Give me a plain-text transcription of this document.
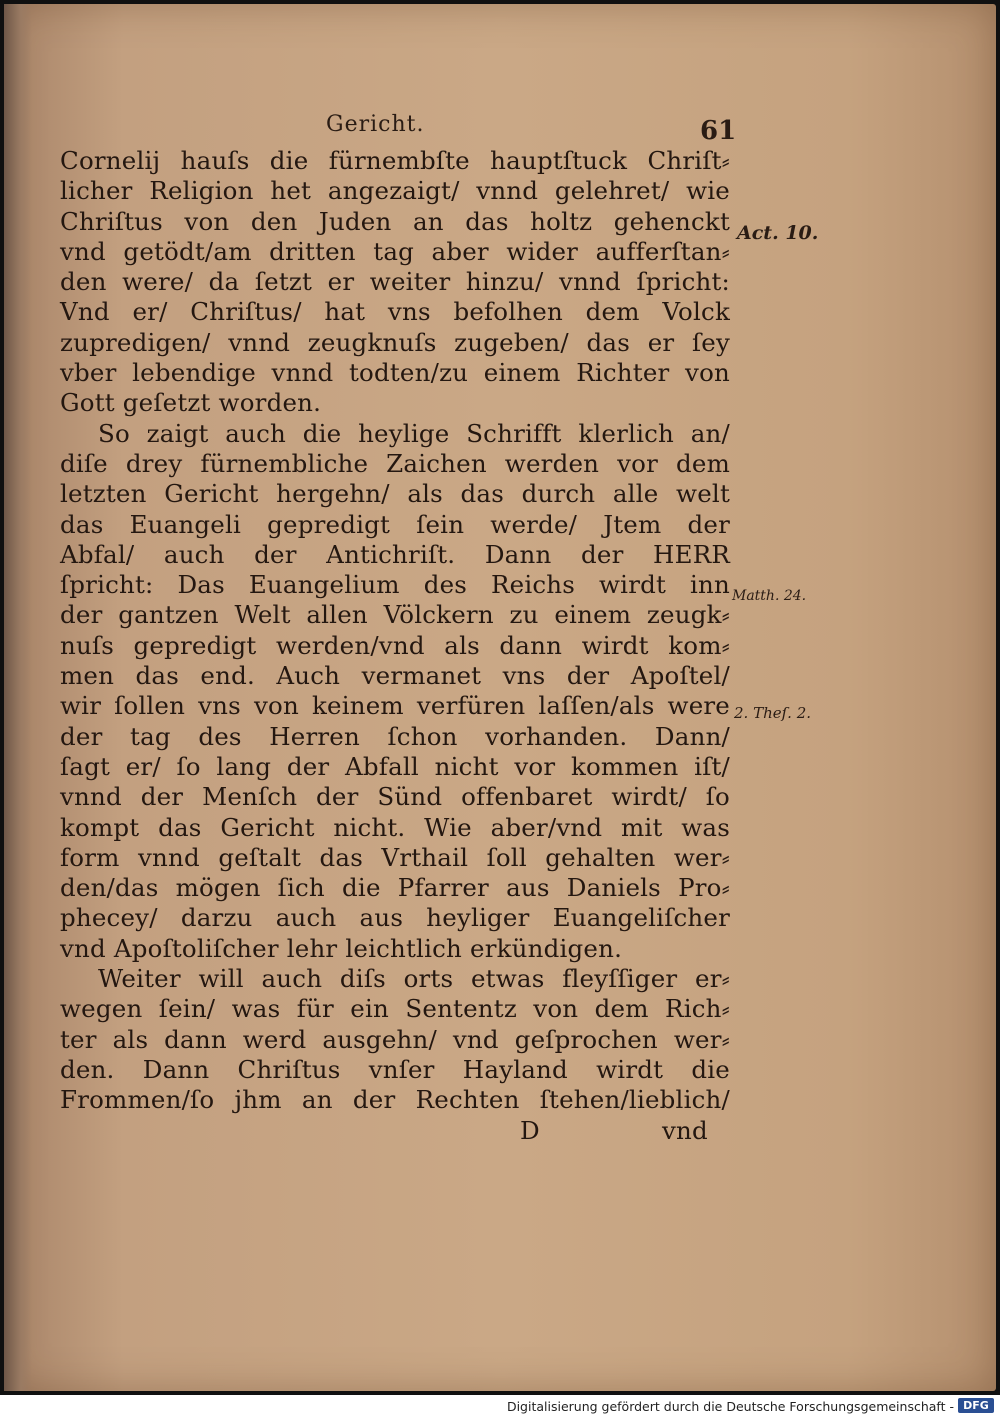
Gericht.	61
Cornelij hauſs die fürnembſte hauptſtuck Chriſt⸗
licher Religion het angezaigt/ vnnd gelehret/ wie
Chriſtus von den Juden an das holtz gehenckt
vnd getödt/am dritten tag aber wider aufferſtan⸗
den were/ da ſetzt er weiter hinzu/ vnnd ſpricht:
Vnd er/ Chriſtus/ hat vns befolhen dem Volck
zupredigen/ vnnd zeugknuſs zugeben/ das er ſey
vber lebendige vnnd todten/zu einem Richter von
Gott geſetzt worden.
So zaigt auch die heylige Schrifft klerlich an/
diſe drey fürnembliche Zaichen werden vor dem
letzten Gericht hergehn/ als das durch alle welt
das Euangeli gepredigt ſein werde/ Jtem der
Abfal/ auch der Antichriſt. Dann der HERR
ſpricht: Das Euangelium des Reichs wirdt inn
der gantzen Welt allen Völckern zu einem zeugk⸗
nuſs gepredigt werden/vnd als dann wirdt kom⸗
men das end. Auch vermanet vns der Apoſtel/
wir ſollen vns von keinem verfüren laſſen/als were
der tag des Herren ſchon vorhanden. Dann/
ſagt er/ ſo lang der Abfall nicht vor kommen iſt/
vnnd der Menſch der Sünd offenbaret wirdt/ ſo
kompt das Gericht nicht. Wie aber/vnd mit was
form vnnd geſtalt das Vrthail ſoll gehalten wer⸗
den/das mögen ſich die Pfarrer aus Daniels Pro⸗
phecey/ darzu auch aus heyliger Euangeliſcher
vnd Apoſtoliſcher lehr leichtlich erkündigen.
Weiter will auch diſs orts etwas fleyſſiger er⸗
wegen ſein/ was für ein Sententz von dem Rich⸗
ter als dann werd ausgehn/ vnd geſprochen wer⸗
den. Dann Chriſtus vnſer Hayland wirdt die
Frommen/ſo jhm an der Rechten ſtehen/lieblich/
D	vnd
Act. 10.
Matth. 24.
2. Theſ. 2.
Digitalisierung gefördert durch die Deutsche Forschungsgemeinschaft - DFG
